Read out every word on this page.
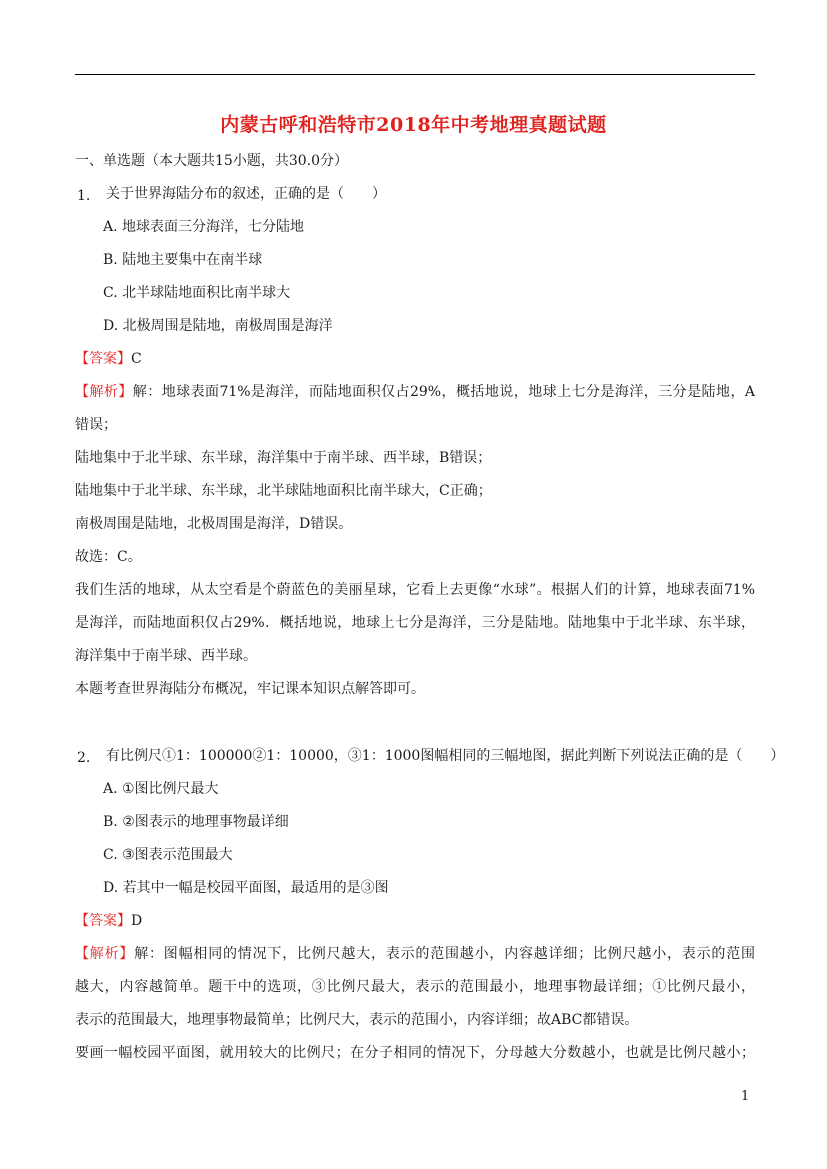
内蒙古呼和浩特市2018年中考地理真题试题
一、单选题（本大题共15小题，共30.0分）
1. 关于世界海陆分布的叙述，正确的是（　　）
A. 地球表面三分海洋，七分陆地
B. 陆地主要集中在南半球
C. 北半球陆地面积比南半球大
D. 北极周围是陆地，南极周围是海洋
【答案】C
【解析】解：地球表面71%是海洋，而陆地面积仅占29%，概括地说，地球上七分是海洋，三分是陆地，A
错误；
陆地集中于北半球、东半球，海洋集中于南半球、西半球，B错误；
陆地集中于北半球、东半球，北半球陆地面积比南半球大，C正确；
南极周围是陆地，北极周围是海洋，D错误。
故选：C。
我们生活的地球，从太空看是个蔚蓝色的美丽星球，它看上去更像“水球”。根据人们的计算，地球表面71%
是海洋，而陆地面积仅占29%．概括地说，地球上七分是海洋，三分是陆地。陆地集中于北半球、东半球，
海洋集中于南半球、西半球。
本题考查世界海陆分布概况，牢记课本知识点解答即可。
2. 有比例尺①1：100000②1：10000，③1：1000图幅相同的三幅地图，据此判断下列说法正确的是（　　）
A. ①图比例尺最大
B. ②图表示的地理事物最详细
C. ③图表示范围最大
D. 若其中一幅是校园平面图，最适用的是③图
【答案】D
【解析】解：图幅相同的情况下，比例尺越大，表示的范围越小，内容越详细；比例尺越小，表示的范围
越大，内容越简单。题干中的选项，③比例尺最大，表示的范围最小，地理事物最详细；①比例尺最小，
表示的范围最大，地理事物最简单；比例尺大，表示的范围小，内容详细；故ABC都错误。
要画一幅校园平面图，就用较大的比例尺；在分子相同的情况下，分母越大分数越小，也就是比例尺越小；
1
